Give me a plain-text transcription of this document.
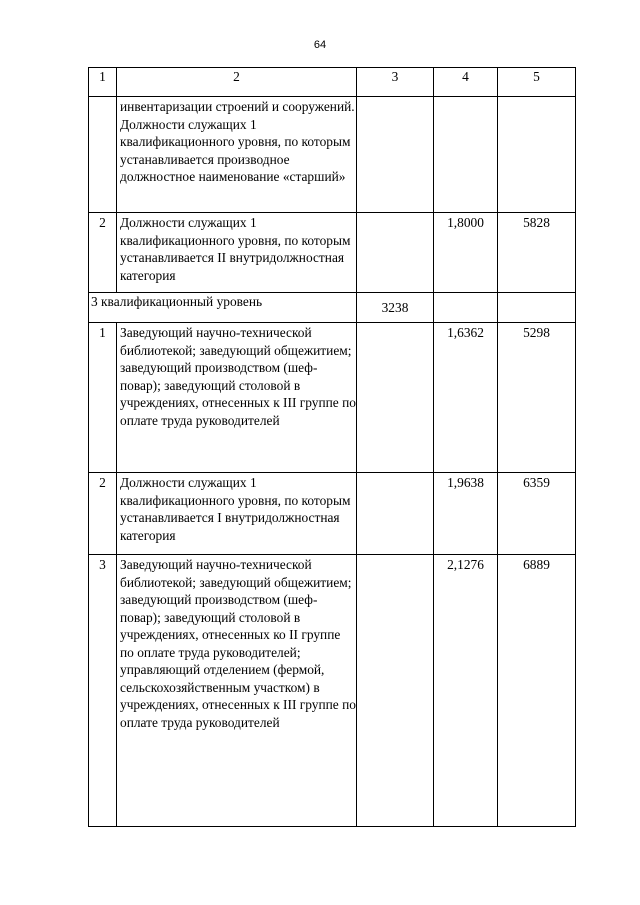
64
1	2	3	4	5
	инвентаризации строений и сооружений. Должности служащих 1 квалификационного уровня, по которым устанавливается производное должностное наименование «старший»			
2	Должности служащих 1 квалификационного уровня, по которым устанавливается II внутридолжностная категория		1,8000	5828
3 квалификационный уровень		3238		
1	Заведующий научно-технической библиотекой; заведующий общежитием; заведующий производством (шеф-повар); заведующий столовой в учреждениях, отнесенных к III группе по оплате труда руководителей		1,6362	5298
2	Должности служащих 1 квалификационного уровня, по которым устанавливается I внутридолжностная категория		1,9638	6359
3	Заведующий научно-технической библиотекой; заведующий общежитием; заведующий производством (шеф-повар); заведующий столовой в учреждениях, отнесенных ко II группе по оплате труда руководителей; управляющий отделением (фермой, сельскохозяйственным участком) в учреждениях, отнесенных к III группе по оплате труда руководителей		2,1276	6889
